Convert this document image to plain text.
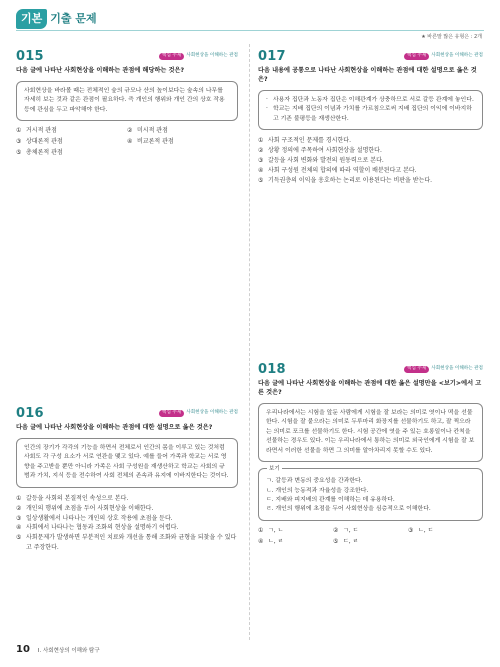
기본 기출 문제
★ 바른말 많은 유형은 : 2개
015	핵심 주제	사회현상을 이해하는 관점
다음 글에 나타난 사회현상을 이해하는 관점에 해당하는 것은?
사회현상을 바라볼 때는 전체적인 숲의 규모나 산의 높이보다는 숲속의 나무를 자세히 보는 것과 같은 관점이 필요하다. 즉 개인의 행위와 개인 간의 상호 작용 등에 관심을 두고 파악해야 한다.
① 거시적 관점	② 미시적 관점
③ 상대론적 관점	④ 비교론적 관점
⑤ 총체론적 관점
017	핵심 주제	사회현상을 이해하는 관점
다음 내용에 공통으로 나타난 사회현상을 이해하는 관점에 대한 설명으로 옳은 것은?
· 사용자 집단과 노동자 집단은 이해관계가 상충하므로 서로 갈등 관계에 놓인다.
· 학교는 지배 집단의 이념과 가치를 가르침으로써 지배 집단의 이익에 이바지하고 기존 불평등을 재생산한다.
① 사회 구조적인 문제를 경시한다.
② 상황 정의에 주목하여 사회현상을 설명한다.
③ 갈등을 사회 변화와 발전의 원동력으로 본다.
④ 사회 구성원 전체의 합의에 따라 역할이 배분된다고 본다.
⑤ 기득권층의 이익을 옹호하는 논리로 이용된다는 비판을 받는다.
016	핵심 주제	사회현상을 이해하는 관점
다음 글에 나타난 사회현상을 이해하는 관점에 대한 설명으로 옳은 것은?
인간의 장기가 각각의 기능을 하면서 전체로서 인간의 몸을 이루고 있는 것처럼 사회도 각 구성 요소가 서로 연관을 맺고 있다. 예를 들어 가족과 학교는 서로 영향을 주고받을 뿐만 아니라 가족은 사회 구성원을 재생산하고 학교는 사회의 규범과 가치, 지식 등을 전수하여 사회 전체의 존속과 유지에 이바지한다는 것이다.
① 갈등을 사회의 본질적인 속성으로 본다.
② 개인의 행위에 초점을 두어 사회현상을 이해한다.
③ 일상생활에서 나타나는 개인의 상호 작용에 초점을 둔다.
④ 사회에서 나타나는 협동과 조화의 현상을 설명하기 어렵다.
⑤ 사회문제가 발생하면 부분적인 치료와 개선을 통해 조화와 균형을 되찾을 수 있다고 주장한다.
018	핵심 주제	사회현상을 이해하는 관점
다음 글에 나타난 사회현상을 이해하는 관점에 대한 옳은 설명만을 <보기>에서 고른 것은?
우리나라에서는 시험을 앞둔 사람에게 시험을 잘 보라는 의미로 엿이나 떡을 선물한다. 시험을 잘 붙으라는 의미로 두루마리 화장지를 선물하기도 하고, 잘 찍으라는 의미로 포크를 선물하기도 한다. 시험 공간에 엿을 주 있는 호롱일이나 칸칙을 선물하는 경우도 있다. 이는 우리나라에서 통하는 의미로 외국인에게 시험을 잘 보라면서 이러한 선물을 하면 그 의미를 알아차리지 못할 수도 있다.
보기
ㄱ. 갈등과 변동의 중요성을 간과한다.
ㄴ. 개인의 능동적과 자율성을 강조한다.
ㄷ. 지배와 피지배의 관계를 이해하는 데 유용하다.
ㄹ. 개인의 행위에 초점을 두어 사회현상을 심층적으로 이해한다.
① ㄱ, ㄴ	② ㄱ, ㄷ	③ ㄴ, ㄷ
④ ㄴ, ㄹ	⑤ ㄷ, ㄹ
10 Ⅰ. 사회현상의 이해와 탐구
